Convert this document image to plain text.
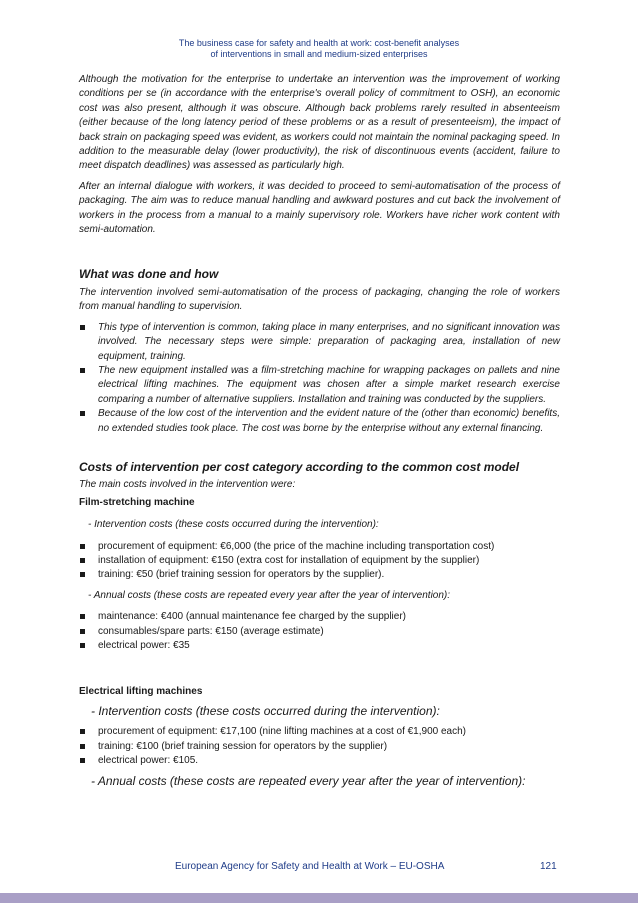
The business case for safety and health at work: cost-benefit analyses
of interventions in small and medium-sized enterprises

Although the motivation for the enterprise to undertake an intervention was the improvement of working conditions per se (in accordance with the enterprise's overall policy of commitment to OSH), an economic cost was also present, although it was obscure. Although back problems rarely resulted in absenteeism (either because of the long latency period of these problems or as a result of presenteeism), the impact of back strain on packaging speed was evident, as workers could not maintain the nominal packaging speed. In addition to the measurable delay (lower productivity), the risk of discontinuous events (accident, failure to meet dispatch deadlines) was assessed as particularly high.

After an internal dialogue with workers, it was decided to proceed to semi-automatisation of the process of packaging. The aim was to reduce manual handling and awkward postures and cut back the involvement of workers in the process from a manual to a mainly supervisory role. Workers have richer work content with semi-automation.

What was done and how

The intervention involved semi-automatisation of the process of packaging, changing the role of workers from manual handling to supervision.

This type of intervention is common, taking place in many enterprises, and no significant innovation was involved. The necessary steps were simple: preparation of packaging area, installation of new equipment, training.
The new equipment installed was a film-stretching machine for wrapping packages on pallets and nine electrical lifting machines. The equipment was chosen after a simple market research exercise comparing a number of alternative suppliers. Installation and training was conducted by the suppliers.
Because of the low cost of the intervention and the evident nature of the (other than economic) benefits, no extended studies took place. The cost was borne by the enterprise without any external financing.
Costs of intervention per cost category according to the common cost model

The main costs involved in the intervention were:

Film-stretching machine
- Intervention costs (these costs occurred during the intervention):
procurement of equipment: €6,000 (the price of the machine including transportation cost)
installation of equipment: €150 (extra cost for installation of equipment by the supplier)
training: €50 (brief training session for operators by the supplier).
- Annual costs (these costs are repeated every year after the year of intervention):
maintenance: €400 (annual maintenance fee charged by the supplier)
consumables/spare parts: €150 (average estimate)
electrical power: €35
Electrical lifting machines
- Intervention costs (these costs occurred during the intervention):
procurement of equipment: €17,100 (nine lifting machines at a cost of €1,900 each)
training: €100 (brief training session for operators by the supplier)
electrical power: €105.
- Annual costs (these costs are repeated every year after the year of intervention):
European Agency for Safety and Health at Work – EU-OSHA	121
